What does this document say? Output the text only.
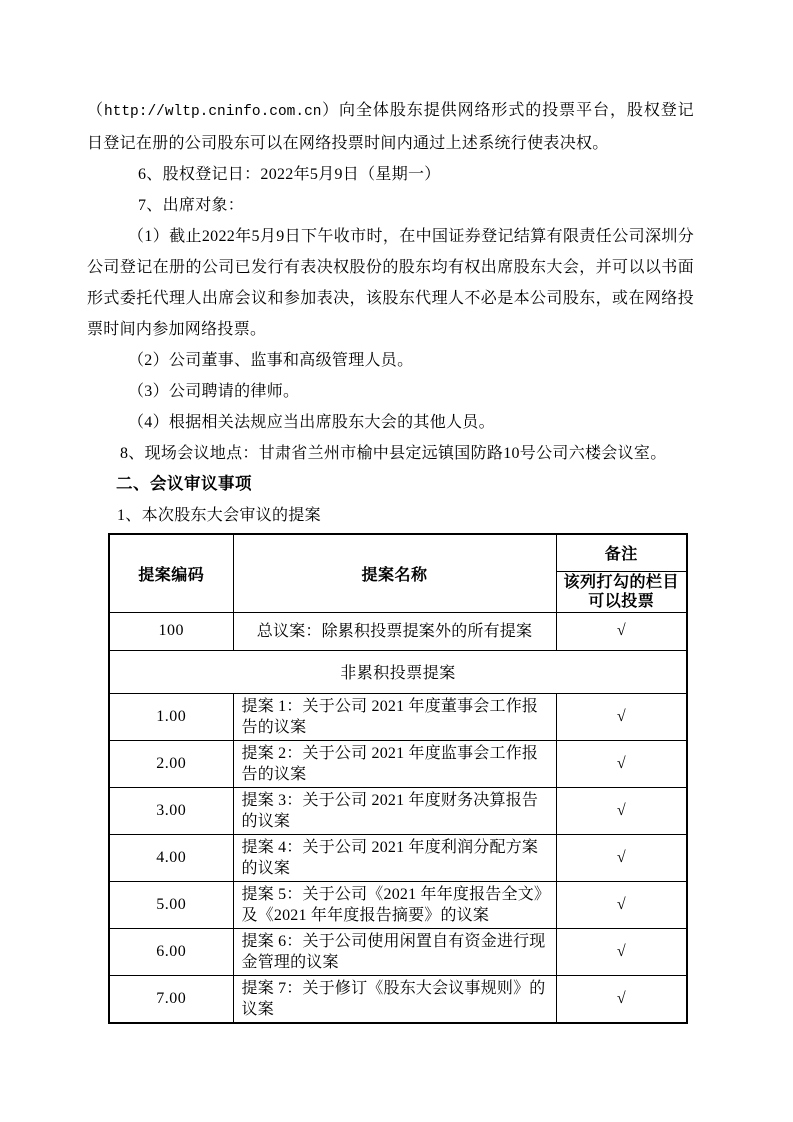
（http://wltp.cninfo.com.cn）向全体股东提供网络形式的投票平台，股权登记日登记在册的公司股东可以在网络投票时间内通过上述系统行使表决权。

6、股权登记日：2022年5月9日（星期一）

7、出席对象：

（1）截止2022年5月9日下午收市时，在中国证券登记结算有限责任公司深圳分公司登记在册的公司已发行有表决权股份的股东均有权出席股东大会，并可以以书面形式委托代理人出席会议和参加表决，该股东代理人不必是本公司股东，或在网络投票时间内参加网络投票。

（2）公司董事、监事和高级管理人员。

（3）公司聘请的律师。

（4）根据相关法规应当出席股东大会的其他人员。

8、现场会议地点：甘肃省兰州市榆中县定远镇国防路10号公司六楼会议室。

二、会议审议事项

1、本次股东大会审议的提案

提案编码	提案名称	备注
		该列打勾的栏目可以投票
100	总议案：除累积投票提案外的所有提案	√
非累积投票提案		
1.00	提案 1：关于公司 2021 年度董事会工作报告的议案	√
2.00	提案 2：关于公司 2021 年度监事会工作报告的议案	√
3.00	提案 3：关于公司 2021 年度财务决算报告的议案	√
4.00	提案 4：关于公司 2021 年度利润分配方案的议案	√
5.00	提案 5：关于公司《2021 年年度报告全文》及《2021 年年度报告摘要》的议案	√
6.00	提案 6：关于公司使用闲置自有资金进行现金管理的议案	√
7.00	提案 7：关于修订《股东大会议事规则》的议案	√
